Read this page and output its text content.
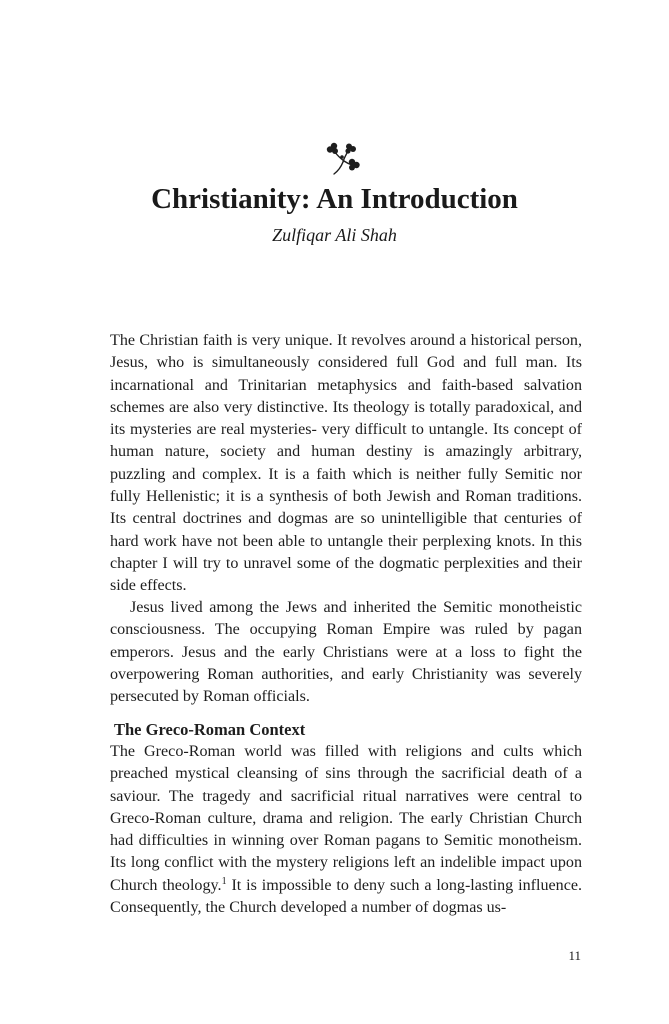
Christianity: An Introduction
Zulfiqar Ali Shah

The Christian faith is very unique. It revolves around a historical person, Jesus, who is simultaneously considered full God and full man. Its incarnational and Trinitarian metaphysics and faith-based salvation schemes are also very distinctive. Its theology is totally paradoxical, and its mysteries are real mysteries- very difficult to untangle. Its concept of human nature, society and human destiny is amazingly arbitrary, puzzling and complex. It is a faith which is neither fully Semitic nor fully Hellenistic; it is a synthesis of both Jewish and Roman traditions. Its central doctrines and dogmas are so unintelligible that centuries of hard work have not been able to untangle their perplexing knots. In this chapter I will try to unravel some of the dogmatic perplexities and their side effects.

Jesus lived among the Jews and inherited the Semitic monotheistic consciousness. The occupying Roman Empire was ruled by pagan emperors. Jesus and the early Christians were at a loss to fight the overpowering Roman authorities, and early Christianity was severely persecuted by Roman officials.

The Greco-Roman Context

The Greco-Roman world was filled with religions and cults which preached mystical cleansing of sins through the sacrificial death of a saviour. The tragedy and sacrificial ritual narratives were central to Greco-Roman culture, drama and religion. The early Christian Church had difficulties in winning over Roman pagans to Semitic monotheism. Its long conflict with the mystery religions left an indelible impact upon Church theology.$^1$ It is impossible to deny such a long-lasting influence. Consequently, the Church developed a number of dogmas us-

11
